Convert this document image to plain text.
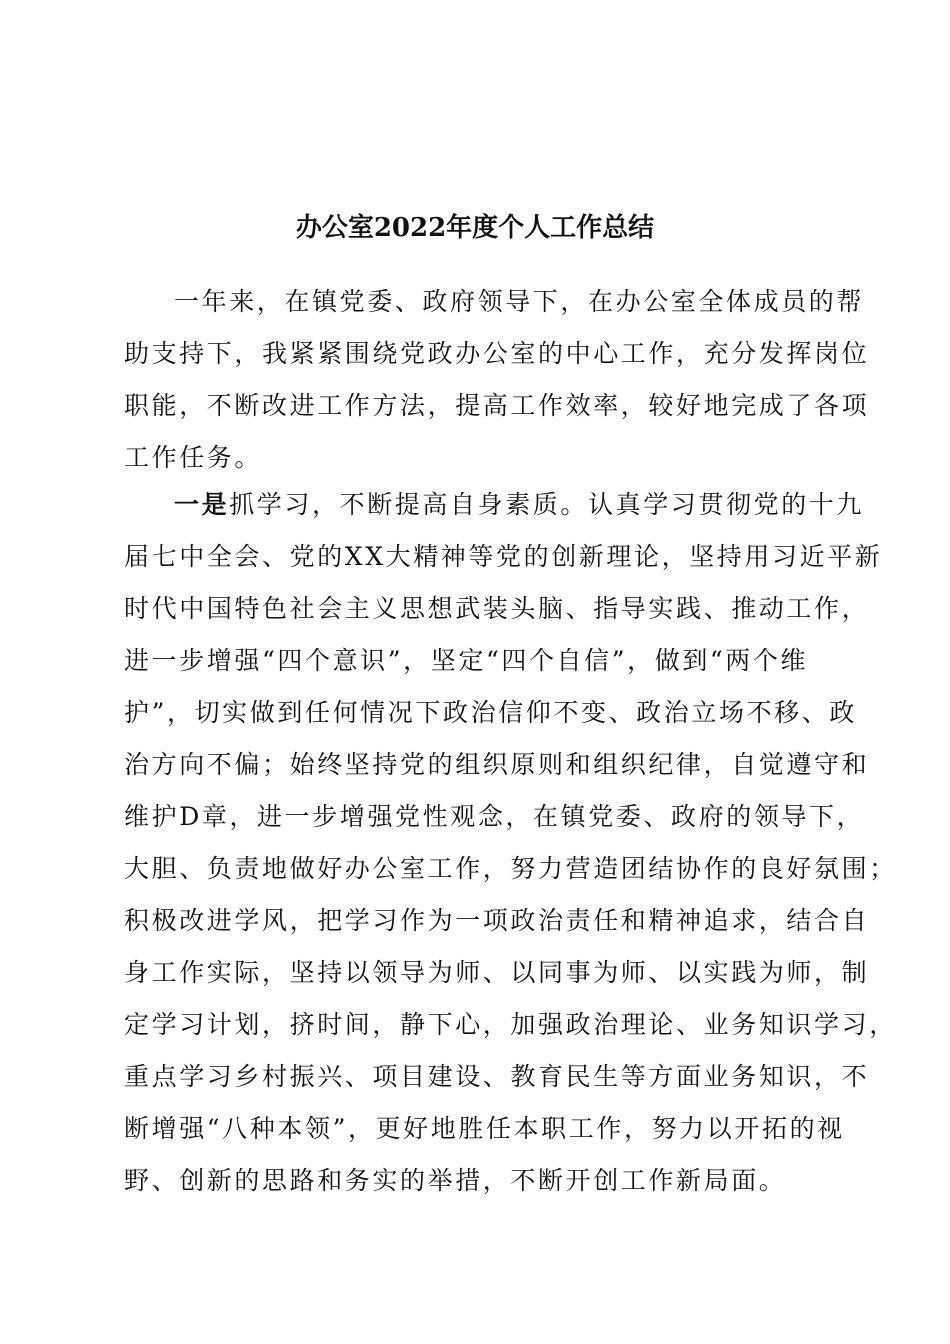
办公室2022年度个人工作总结

一年来，在镇党委、政府领导下，在办公室全体成员的帮

助支持下，我紧紧围绕党政办公室的中心工作，充分发挥岗位

职能，不断改进工作方法，提高工作效率，较好地完成了各项

工作任务。

一是抓学习，不断提高自身素质。认真学习贯彻党的十九

届七中全会、党的XX大精神等党的创新理论，坚持用习近平新

时代中国特色社会主义思想武装头脑、指导实践、推动工作，

进一步增强“四个意识”，坚定“四个自信”，做到“两个维

护”，切实做到任何情况下政治信仰不变、政治立场不移、政

治方向不偏；始终坚持党的组织原则和组织纪律，自觉遵守和

维护D章，进一步增强党性观念，在镇党委、政府的领导下，

大胆、负责地做好办公室工作，努力营造团结协作的良好氛围；

积极改进学风，把学习作为一项政治责任和精神追求，结合自

身工作实际，坚持以领导为师、以同事为师、以实践为师，制

定学习计划，挤时间，静下心，加强政治理论、业务知识学习，

重点学习乡村振兴、项目建设、教育民生等方面业务知识，不

断增强“八种本领”，更好地胜任本职工作，努力以开拓的视

野、创新的思路和务实的举措，不断开创工作新局面。
